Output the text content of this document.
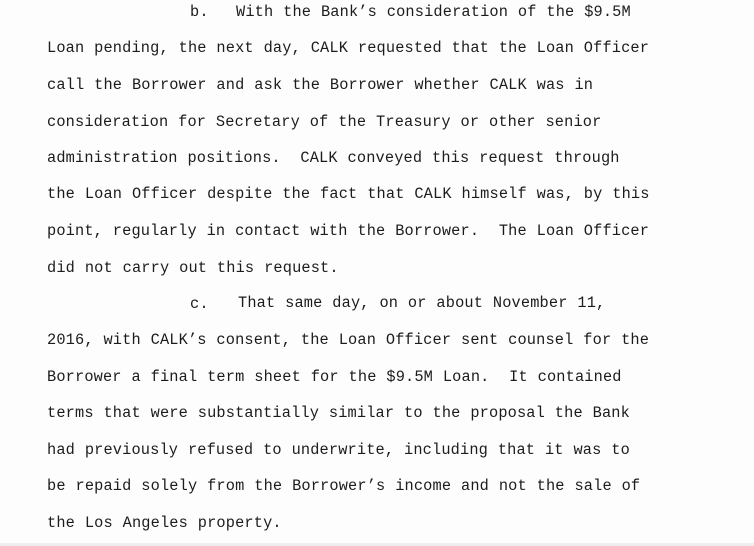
b. With the Bank’s consideration of the $9.5M
Loan pending, the next day, CALK requested that the Loan Officer
call the Borrower and ask the Borrower whether CALK was in
consideration for Secretary of the Treasury or other senior
administration positions.  CALK conveyed this request through
the Loan Officer despite the fact that CALK himself was, by this
point, regularly in contact with the Borrower.  The Loan Officer
did not carry out this request.
c. That same day, on or about November 11,
2016, with CALK’s consent, the Loan Officer sent counsel for the
Borrower a final term sheet for the $9.5M Loan.  It contained
terms that were substantially similar to the proposal the Bank
had previously refused to underwrite, including that it was to
be repaid solely from the Borrower’s income and not the sale of
the Los Angeles property.
